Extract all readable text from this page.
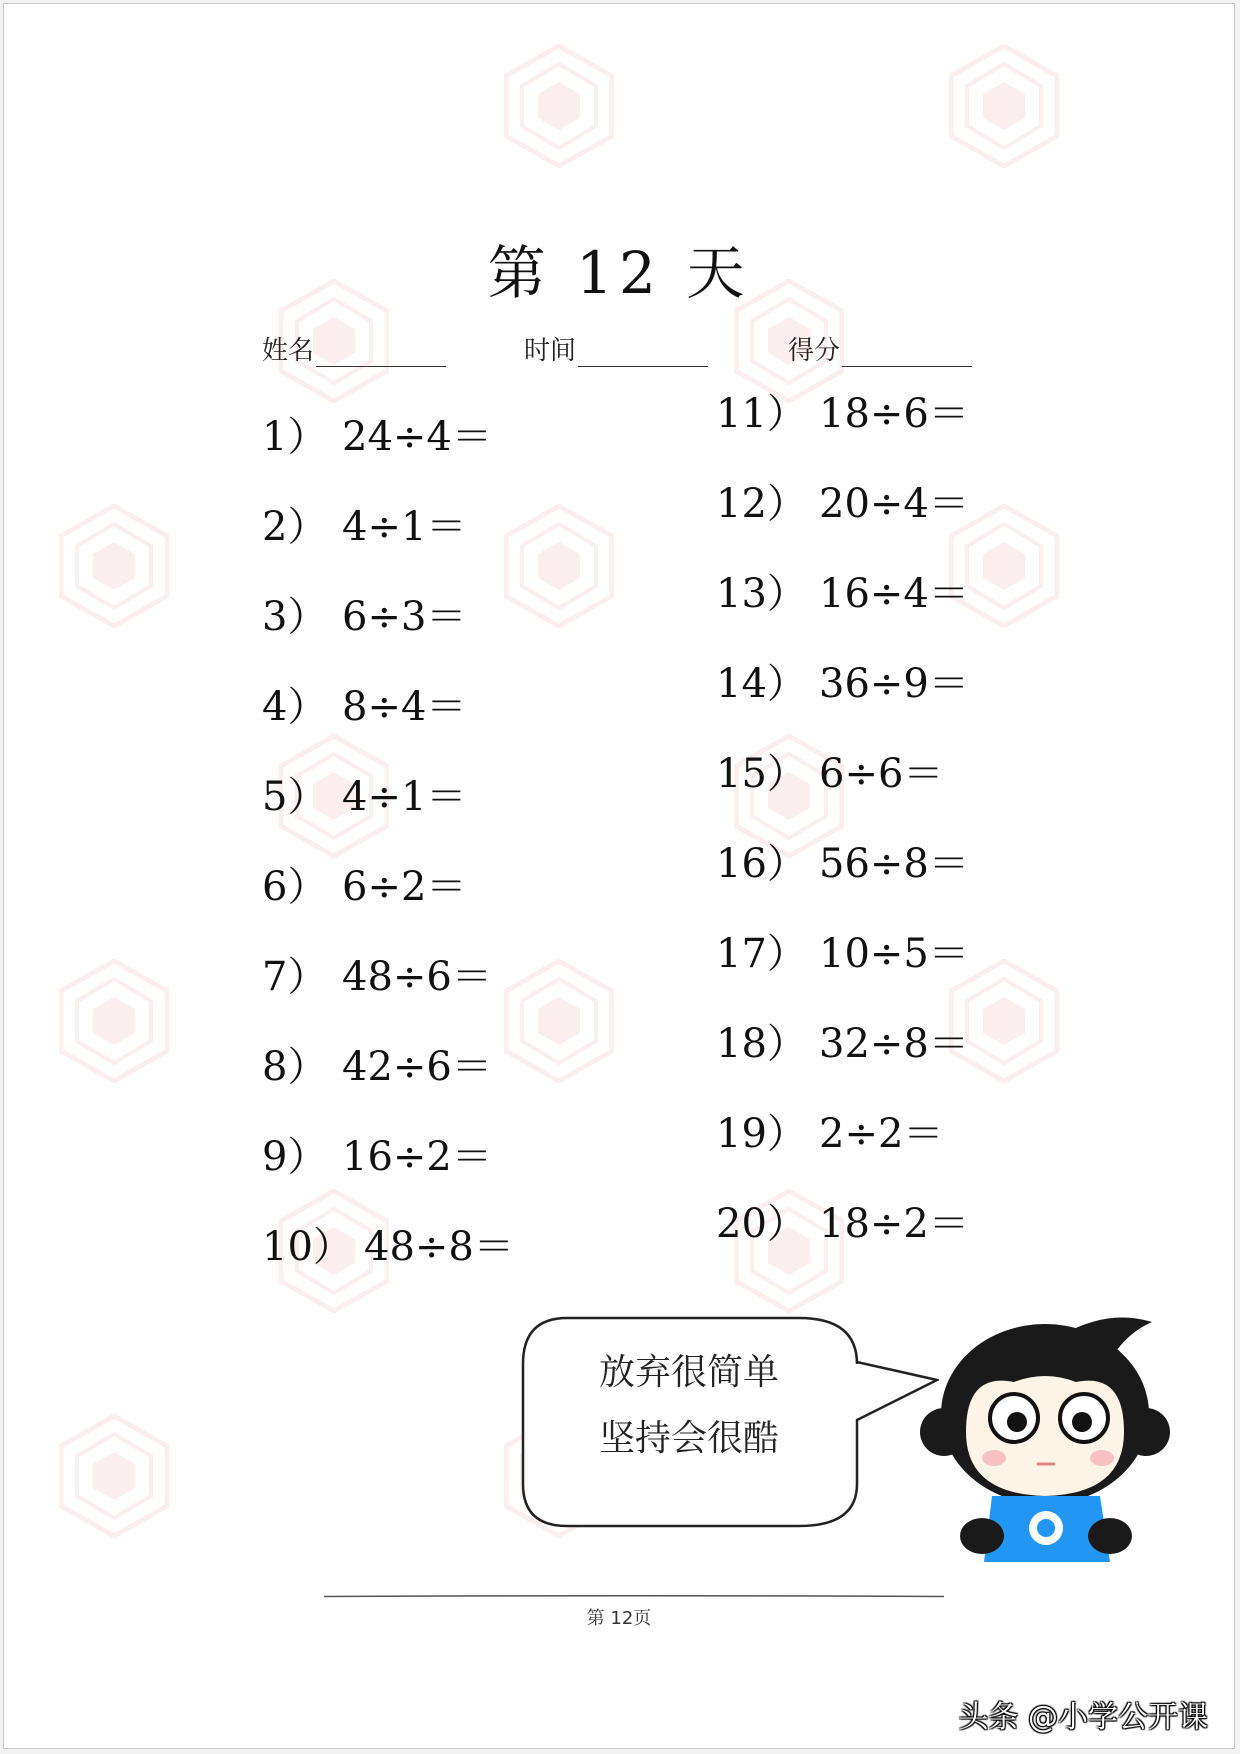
第 12 天
姓名	时间	得分
1） 24÷4＝
2） 4÷1＝
3） 6÷3＝
4） 8÷4＝
5） 4÷1＝
6） 6÷2＝
7） 48÷6＝
8） 42÷6＝
9） 16÷2＝
10） 48÷8＝
11） 18÷6＝
12） 20÷4＝
13） 16÷4＝
14） 36÷9＝
15） 6÷6＝
16） 56÷8＝
17） 10÷5＝
18） 32÷8＝
19） 2÷2＝
20） 18÷2＝
放弃很简单
坚持会很酷
第 12页
头条 @小学公开课
